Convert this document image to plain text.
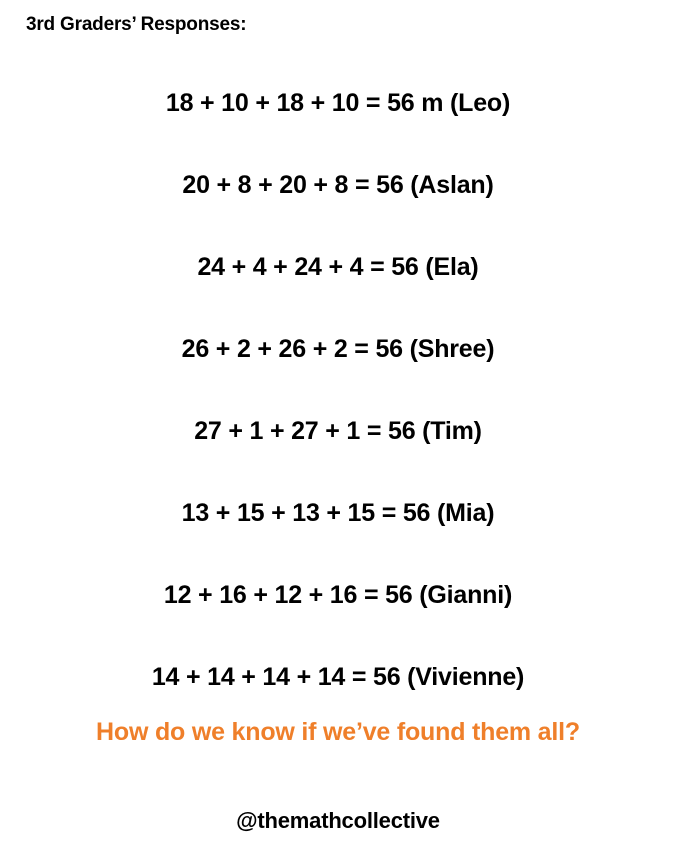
3rd Graders’ Responses:
18 + 10 + 18 + 10 = 56 m (Leo)
20 + 8 + 20 + 8 = 56 (Aslan)
24 + 4 + 24 + 4 = 56 (Ela)
26 + 2 + 26 + 2 = 56 (Shree)
27 + 1 + 27 + 1 = 56 (Tim)
13 + 15 + 13 + 15 = 56 (Mia)
12 + 16 + 12 + 16 = 56 (Gianni)
14 + 14 + 14 + 14 = 56 (Vivienne)
How do we know if we’ve found them all?
@themathcollective
